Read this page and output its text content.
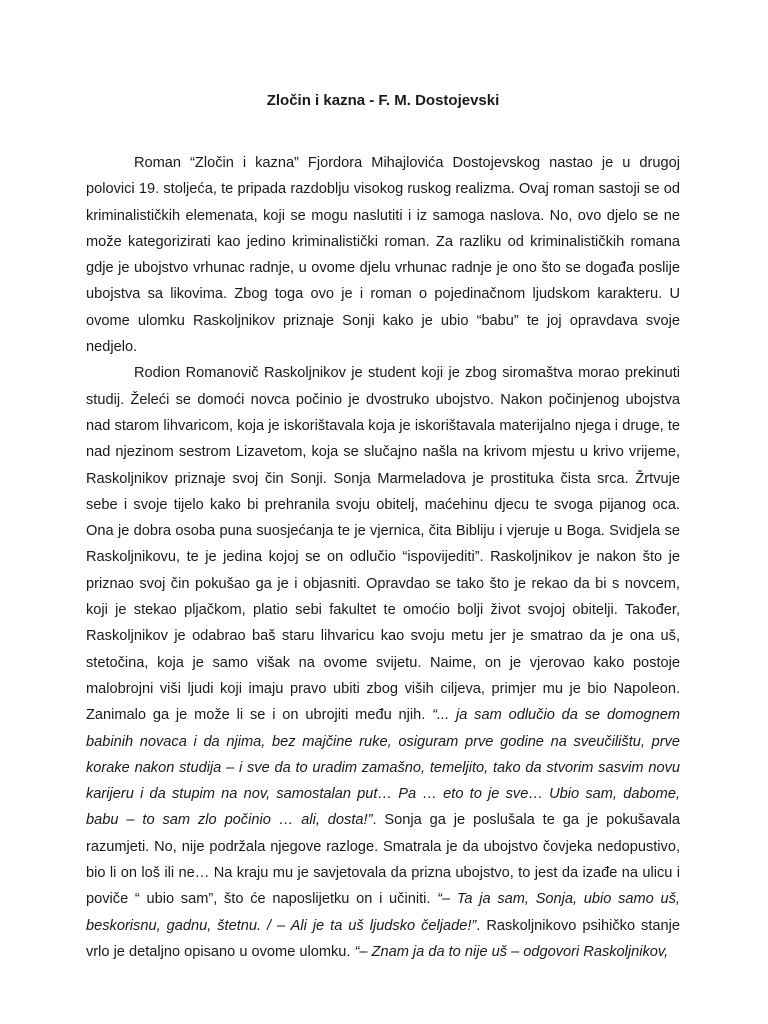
Zločin i kazna - F. M. Dostojevski

Roman “Zločin i kazna” Fjordora Mihajlovića Dostojevskog nastao je u drugoj polovici 19. stoljeća, te pripada razdoblju visokog ruskog realizma. Ovaj roman sastoji se od kriminalističkih elemenata, koji se mogu naslutiti i iz samoga naslova. No, ovo djelo se ne može kategorizirati kao jedino kriminalistički roman. Za razliku od kriminalističkih romana gdje je ubojstvo vrhunac radnje, u ovome djelu vrhunac radnje je ono što se događa poslije ubojstva sa likovima. Zbog toga ovo je i roman o pojedinačnom ljudskom karakteru. U ovome ulomku Raskoljnikov priznaje Sonji kako je ubio “babu” te joj opravdava svoje nedjelo.

Rodion Romanovič Raskoljnikov je student koji je zbog siromaštva morao prekinuti studij. Želeći se domoći novca počinio je dvostruko ubojstvo. Nakon počinjenog ubojstva nad starom lihvaricom, koja je iskorištavala koja je iskorištavala materijalno njega i druge, te nad njezinom sestrom Lizavetom, koja se slučajno našla na krivom mjestu u krivo vrijeme, Raskoljnikov priznaje svoj čin Sonji. Sonja Marmeladova je prostituka čista srca. Žrtvuje sebe i svoje tijelo kako bi prehranila svoju obitelj, maćehinu djecu te svoga pijanog oca. Ona je dobra osoba puna suosjećanja te je vjernica, čita Bibliju i vjeruje u Boga. Svidjela se Raskoljnikovu, te je jedina kojoj se on odlučio “ispovijediti”. Raskoljnikov je nakon što je priznao svoj čin pokušao ga je i objasniti. Opravdao se tako što je rekao da bi s novcem, koji je stekao pljačkom, platio sebi fakultet te omoćio bolji život svojoj obitelji. Također, Raskoljnikov je odabrao baš staru lihvaricu kao svoju metu jer je smatrao da je ona uš, stetočina, koja je samo višak na ovome svijetu. Naime, on je vjerovao kako postoje malobrojni viši ljudi koji imaju pravo ubiti zbog viših ciljeva, primjer mu je bio Napoleon. Zanimalo ga je može li se i on ubrojiti među njih. “... ja sam odlučio da se domognem babinih novaca i da njima, bez majčine ruke, osiguram prve godine na sveučilištu, prve korake nakon studija – i sve da to uradim zamašno, temeljito, tako da stvorim sasvim novu karijeru i da stupim na nov, samostalan put… Pa … eto to je sve… Ubio sam, dabome, babu – to sam zlo počinio … ali, dosta!”. Sonja ga je poslušala te ga je pokušavala razumjeti. No, nije podržala njegove razloge. Smatrala je da ubojstvo čovjeka nedopustivo, bio li on loš ili ne… Na kraju mu je savjetovala da prizna ubojstvo, to jest da izađe na ulicu i poviče “ ubio sam”, što će naposlijetku on i učiniti. “– Ta ja sam, Sonja, ubio samo uš, beskorisnu, gadnu, štetnu. / – Ali je ta uš ljudsko čeljade!”. Raskoljnikovo psihičko stanje vrlo je detaljno opisano u ovome ulomku. “– Znam ja da to nije uš – odgovori Raskoljnikov,
